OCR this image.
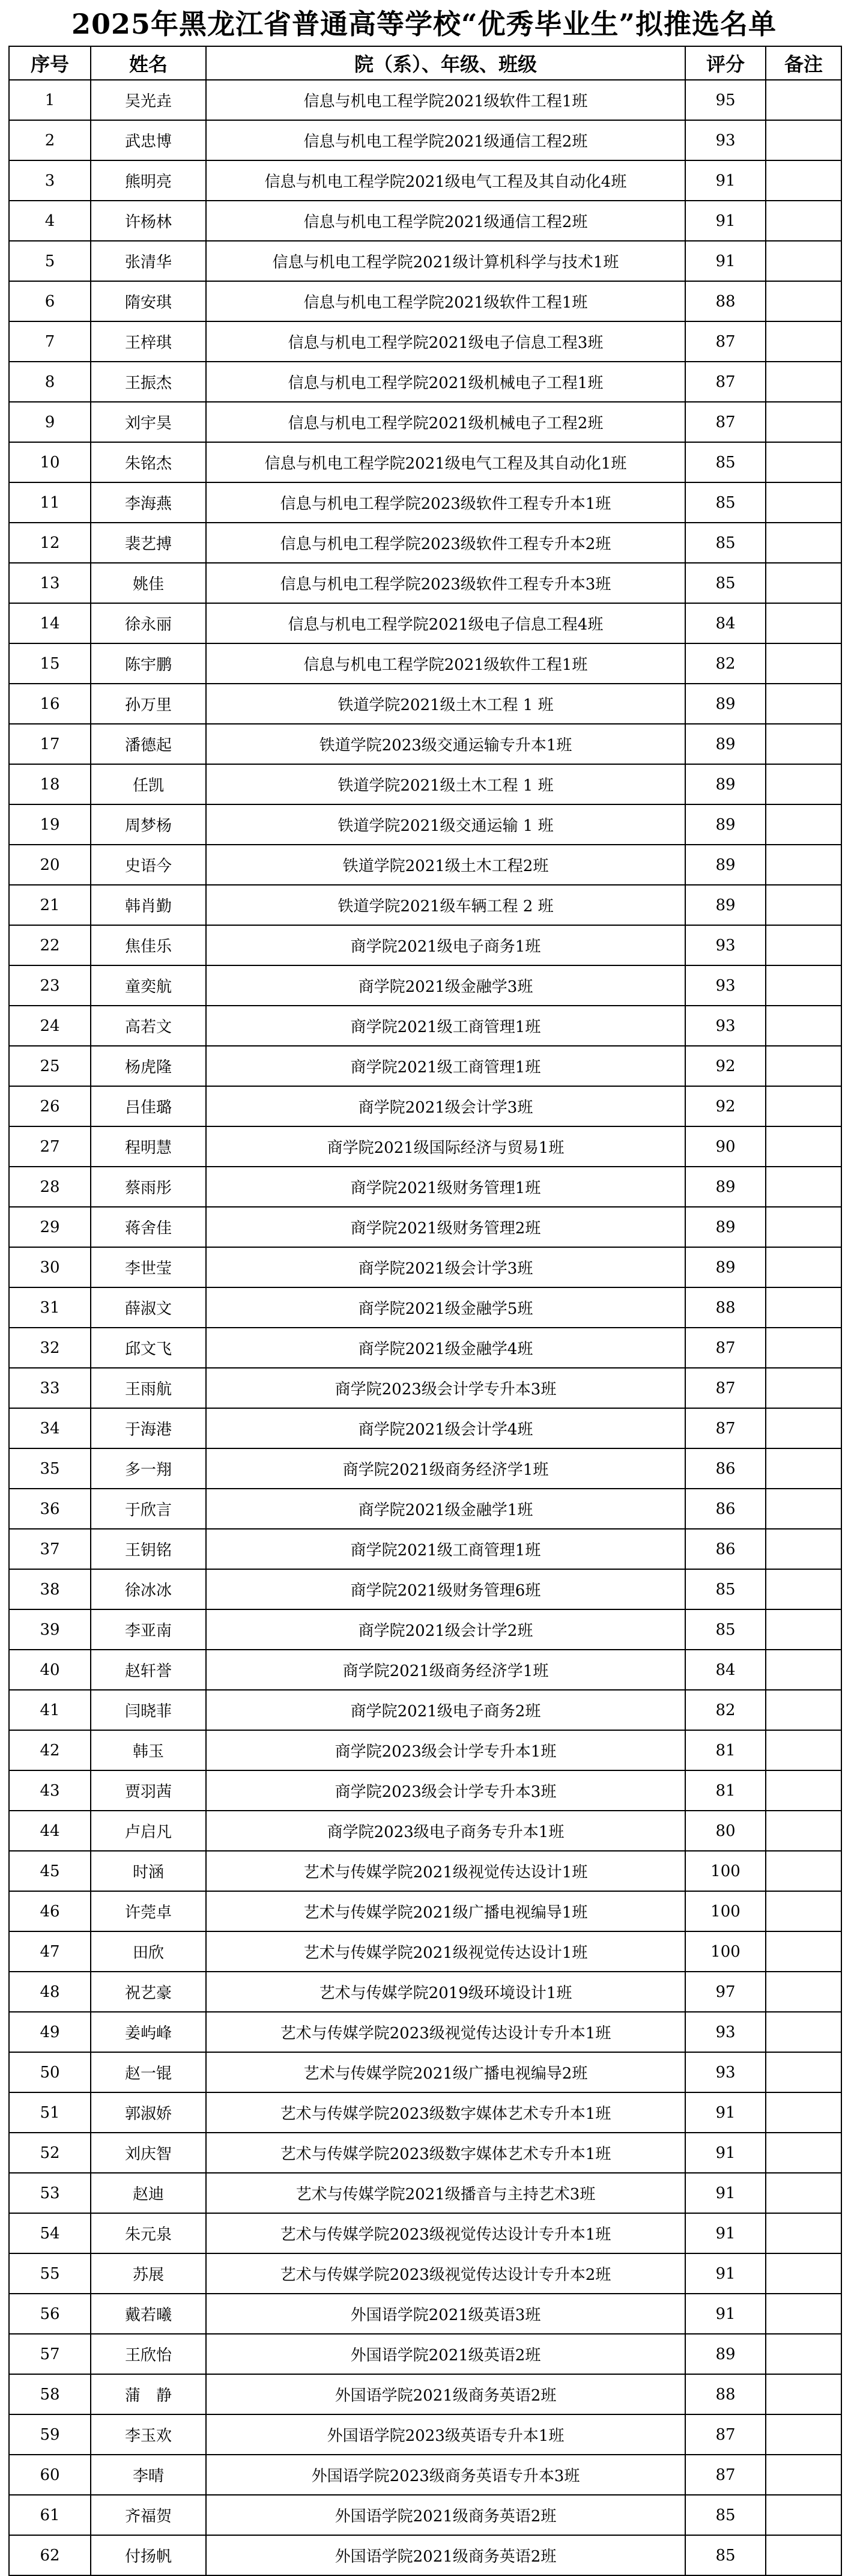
2025年黑龙江省普通高等学校“优秀毕业生”拟推选名单
序号	姓名	院（系）、年级、班级	评分	备注
1	吴光垚	信息与机电工程学院2021级软件工程1班	95	
2	武忠博	信息与机电工程学院2021级通信工程2班	93	
3	熊明亮	信息与机电工程学院2021级电气工程及其自动化4班	91	
4	许杨林	信息与机电工程学院2021级通信工程2班	91	
5	张清华	信息与机电工程学院2021级计算机科学与技术1班	91	
6	隋安琪	信息与机电工程学院2021级软件工程1班	88	
7	王梓琪	信息与机电工程学院2021级电子信息工程3班	87	
8	王振杰	信息与机电工程学院2021级机械电子工程1班	87	
9	刘宇昊	信息与机电工程学院2021级机械电子工程2班	87	
10	朱铭杰	信息与机电工程学院2021级电气工程及其自动化1班	85	
11	李海燕	信息与机电工程学院2023级软件工程专升本1班	85	
12	裴艺搏	信息与机电工程学院2023级软件工程专升本2班	85	
13	姚佳	信息与机电工程学院2023级软件工程专升本3班	85	
14	徐永丽	信息与机电工程学院2021级电子信息工程4班	84	
15	陈宇鹏	信息与机电工程学院2021级软件工程1班	82	
16	孙万里	铁道学院2021级土木工程 1 班	89	
17	潘德起	铁道学院2023级交通运输专升本1班	89	
18	任凯	铁道学院2021级土木工程 1 班	89	
19	周梦杨	铁道学院2021级交通运输 1 班	89	
20	史语今	铁道学院2021级土木工程2班	89	
21	韩肖勤	铁道学院2021级车辆工程 2 班	89	
22	焦佳乐	商学院2021级电子商务1班	93	
23	童奕航	商学院2021级金融学3班	93	
24	高若文	商学院2021级工商管理1班	93	
25	杨虎隆	商学院2021级工商管理1班	92	
26	吕佳璐	商学院2021级会计学3班	92	
27	程明慧	商学院2021级国际经济与贸易1班	90	
28	蔡雨彤	商学院2021级财务管理1班	89	
29	蒋舍佳	商学院2021级财务管理2班	89	
30	李世莹	商学院2021级会计学3班	89	
31	薛淑文	商学院2021级金融学5班	88	
32	邱文飞	商学院2021级金融学4班	87	
33	王雨航	商学院2023级会计学专升本3班	87	
34	于海港	商学院2021级会计学4班	87	
35	多一翔	商学院2021级商务经济学1班	86	
36	于欣言	商学院2021级金融学1班	86	
37	王钥铭	商学院2021级工商管理1班	86	
38	徐冰冰	商学院2021级财务管理6班	85	
39	李亚南	商学院2021级会计学2班	85	
40	赵轩誉	商学院2021级商务经济学1班	84	
41	闫晓菲	商学院2021级电子商务2班	82	
42	韩玉	商学院2023级会计学专升本1班	81	
43	贾羽茜	商学院2023级会计学专升本3班	81	
44	卢启凡	商学院2023级电子商务专升本1班	80	
45	时涵	艺术与传媒学院2021级视觉传达设计1班	100	
46	许莞卓	艺术与传媒学院2021级广播电视编导1班	100	
47	田欣	艺术与传媒学院2021级视觉传达设计1班	100	
48	祝艺豪	艺术与传媒学院2019级环境设计1班	97	
49	姜屿峰	艺术与传媒学院2023级视觉传达设计专升本1班	93	
50	赵一锟	艺术与传媒学院2021级广播电视编导2班	93	
51	郭淑娇	艺术与传媒学院2023级数字媒体艺术专升本1班	91	
52	刘庆智	艺术与传媒学院2023级数字媒体艺术专升本1班	91	
53	赵迪	艺术与传媒学院2021级播音与主持艺术3班	91	
54	朱元泉	艺术与传媒学院2023级视觉传达设计专升本1班	91	
55	苏展	艺术与传媒学院2023级视觉传达设计专升本2班	91	
56	戴若曦	外国语学院2021级英语3班	91	
57	王欣怡	外国语学院2021级英语2班	89	
58	蒲　静	外国语学院2021级商务英语2班	88	
59	李玉欢	外国语学院2023级英语专升本1班	87	
60	李晴	外国语学院2023级商务英语专升本3班	87	
61	齐福贺	外国语学院2021级商务英语2班	85	
62	付扬帆	外国语学院2021级商务英语2班	85	
